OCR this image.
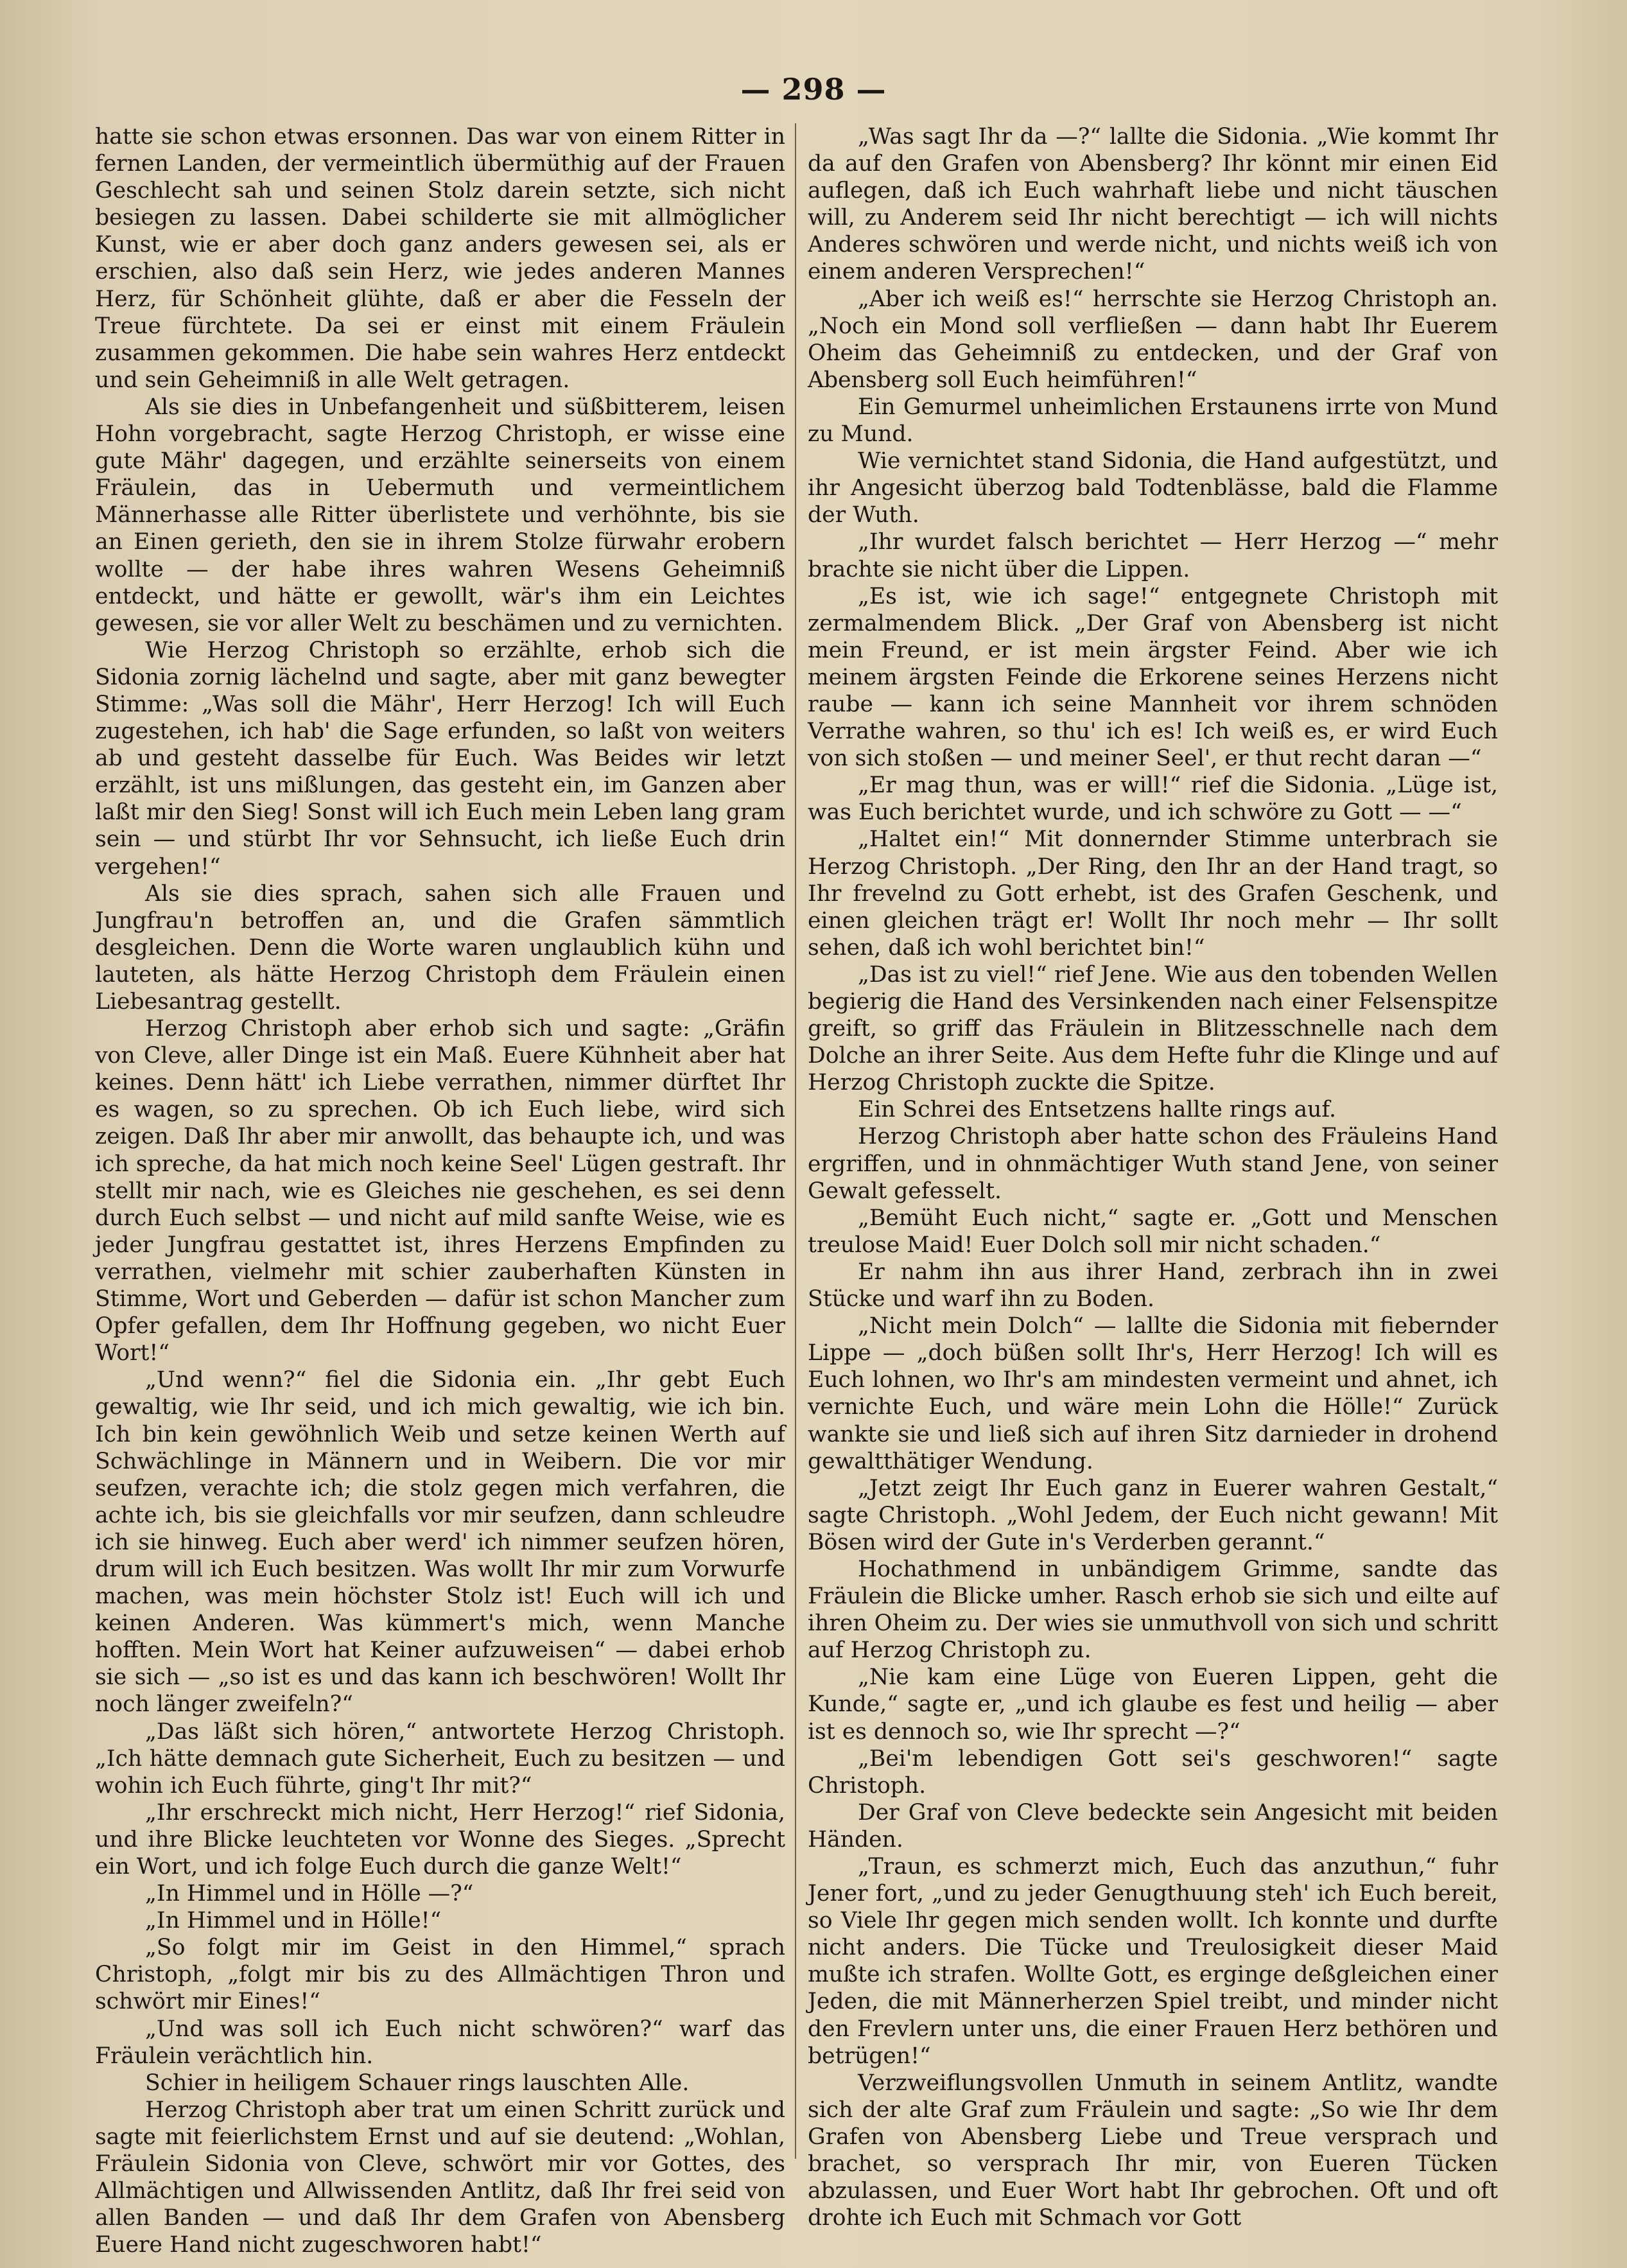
— 298 —

hatte sie schon etwas ersonnen. Das war von einem Ritter in fernen Landen, der vermeintlich übermüthig auf der Frauen Geschlecht sah und seinen Stolz darein setzte, sich nicht besiegen zu lassen. Dabei schilderte sie mit allmöglicher Kunst, wie er aber doch ganz anders gewesen sei, als er erschien, also daß sein Herz, wie jedes anderen Mannes Herz, für Schönheit glühte, daß er aber die Fesseln der Treue fürchtete. Da sei er einst mit einem Fräulein zusammen gekommen. Die habe sein wahres Herz entdeckt und sein Geheimniß in alle Welt getragen.

Als sie dies in Unbefangenheit und süßbitterem, leisen Hohn vorgebracht, sagte Herzog Christoph, er wisse eine gute Mähr' dagegen, und erzählte seinerseits von einem Fräulein, das in Uebermuth und vermeintlichem Männerhasse alle Ritter überlistete und verhöhnte, bis sie an Einen gerieth, den sie in ihrem Stolze fürwahr erobern wollte — der habe ihres wahren Wesens Geheimniß entdeckt, und hätte er gewollt, wär's ihm ein Leichtes gewesen, sie vor aller Welt zu beschämen und zu vernichten.

Wie Herzog Christoph so erzählte, erhob sich die Sidonia zornig lächelnd und sagte, aber mit ganz bewegter Stimme: „Was soll die Mähr', Herr Herzog! Ich will Euch zugestehen, ich hab' die Sage erfunden, so laßt von weiters ab und gesteht dasselbe für Euch. Was Beides wir letzt erzählt, ist uns mißlungen, das gesteht ein, im Ganzen aber laßt mir den Sieg! Sonst will ich Euch mein Leben lang gram sein — und stürbt Ihr vor Sehnsucht, ich ließe Euch drin vergehen!“

Als sie dies sprach, sahen sich alle Frauen und Jungfrau'n betroffen an, und die Grafen sämmtlich desgleichen. Denn die Worte waren unglaublich kühn und lauteten, als hätte Herzog Christoph dem Fräulein einen Liebesantrag gestellt.

Herzog Christoph aber erhob sich und sagte: „Gräfin von Cleve, aller Dinge ist ein Maß. Euere Kühnheit aber hat keines. Denn hätt' ich Liebe verrathen, nimmer dürftet Ihr es wagen, so zu sprechen. Ob ich Euch liebe, wird sich zeigen. Daß Ihr aber mir anwollt, das behaupte ich, und was ich spreche, da hat mich noch keine Seel' Lügen gestraft. Ihr stellt mir nach, wie es Gleiches nie geschehen, es sei denn durch Euch selbst — und nicht auf mild sanfte Weise, wie es jeder Jungfrau gestattet ist, ihres Herzens Empfinden zu verrathen, vielmehr mit schier zauberhaften Künsten in Stimme, Wort und Geberden — dafür ist schon Mancher zum Opfer gefallen, dem Ihr Hoffnung gegeben, wo nicht Euer Wort!“

„Und wenn?“ fiel die Sidonia ein. „Ihr gebt Euch gewaltig, wie Ihr seid, und ich mich gewaltig, wie ich bin. Ich bin kein gewöhnlich Weib und setze keinen Werth auf Schwächlinge in Männern und in Weibern. Die vor mir seufzen, verachte ich; die stolz gegen mich verfahren, die achte ich, bis sie gleichfalls vor mir seufzen, dann schleudre ich sie hinweg. Euch aber werd' ich nimmer seufzen hören, drum will ich Euch besitzen. Was wollt Ihr mir zum Vorwurfe machen, was mein höchster Stolz ist! Euch will ich und keinen Anderen. Was kümmert's mich, wenn Manche hofften. Mein Wort hat Keiner aufzuweisen“ — dabei erhob sie sich — „so ist es und das kann ich beschwören! Wollt Ihr noch länger zweifeln?“

„Das läßt sich hören,“ antwortete Herzog Christoph. „Ich hätte demnach gute Sicherheit, Euch zu besitzen — und wohin ich Euch führte, ging't Ihr mit?“

„Ihr erschreckt mich nicht, Herr Herzog!“ rief Sidonia, und ihre Blicke leuchteten vor Wonne des Sieges. „Sprecht ein Wort, und ich folge Euch durch die ganze Welt!“

„In Himmel und in Hölle —?“

„In Himmel und in Hölle!“

„So folgt mir im Geist in den Himmel,“ sprach Christoph, „folgt mir bis zu des Allmächtigen Thron und schwört mir Eines!“

„Und was soll ich Euch nicht schwören?“ warf das Fräulein verächtlich hin.

Schier in heiligem Schauer rings lauschten Alle.

Herzog Christoph aber trat um einen Schritt zurück und sagte mit feierlichstem Ernst und auf sie deutend: „Wohlan, Fräulein Sidonia von Cleve, schwört mir vor Gottes, des Allmächtigen und Allwissenden Antlitz, daß Ihr frei seid von allen Banden — und daß Ihr dem Grafen von Abensberg Euere Hand nicht zugeschworen habt!“

„Was sagt Ihr da —?“ lallte die Sidonia. „Wie kommt Ihr da auf den Grafen von Abensberg? Ihr könnt mir einen Eid auflegen, daß ich Euch wahrhaft liebe und nicht täuschen will, zu Anderem seid Ihr nicht berechtigt — ich will nichts Anderes schwören und werde nicht, und nichts weiß ich von einem anderen Versprechen!“

„Aber ich weiß es!“ herrschte sie Herzog Christoph an. „Noch ein Mond soll verfließen — dann habt Ihr Euerem Oheim das Geheimniß zu entdecken, und der Graf von Abensberg soll Euch heimführen!“

Ein Gemurmel unheimlichen Erstaunens irrte von Mund zu Mund.

Wie vernichtet stand Sidonia, die Hand aufgestützt, und ihr Angesicht überzog bald Todtenblässe, bald die Flamme der Wuth.

„Ihr wurdet falsch berichtet — Herr Herzog —“ mehr brachte sie nicht über die Lippen.

„Es ist, wie ich sage!“ entgegnete Christoph mit zermalmendem Blick. „Der Graf von Abensberg ist nicht mein Freund, er ist mein ärgster Feind. Aber wie ich meinem ärgsten Feinde die Erkorene seines Herzens nicht raube — kann ich seine Mannheit vor ihrem schnöden Verrathe wahren, so thu' ich es! Ich weiß es, er wird Euch von sich stoßen — und meiner Seel', er thut recht daran —“

„Er mag thun, was er will!“ rief die Sidonia. „Lüge ist, was Euch berichtet wurde, und ich schwöre zu Gott — —“

„Haltet ein!“ Mit donnernder Stimme unterbrach sie Herzog Christoph. „Der Ring, den Ihr an der Hand tragt, so Ihr frevelnd zu Gott erhebt, ist des Grafen Geschenk, und einen gleichen trägt er! Wollt Ihr noch mehr — Ihr sollt sehen, daß ich wohl berichtet bin!“

„Das ist zu viel!“ rief Jene. Wie aus den tobenden Wellen begierig die Hand des Versinkenden nach einer Felsenspitze greift, so griff das Fräulein in Blitzesschnelle nach dem Dolche an ihrer Seite. Aus dem Hefte fuhr die Klinge und auf Herzog Christoph zuckte die Spitze.

Ein Schrei des Entsetzens hallte rings auf.

Herzog Christoph aber hatte schon des Fräuleins Hand ergriffen, und in ohnmächtiger Wuth stand Jene, von seiner Gewalt gefesselt.

„Bemüht Euch nicht,“ sagte er. „Gott und Menschen treulose Maid! Euer Dolch soll mir nicht schaden.“

Er nahm ihn aus ihrer Hand, zerbrach ihn in zwei Stücke und warf ihn zu Boden.

„Nicht mein Dolch“ — lallte die Sidonia mit fiebernder Lippe — „doch büßen sollt Ihr's, Herr Herzog! Ich will es Euch lohnen, wo Ihr's am mindesten vermeint und ahnet, ich vernichte Euch, und wäre mein Lohn die Hölle!“ Zurück wankte sie und ließ sich auf ihren Sitz darnieder in drohend gewaltthätiger Wendung.

„Jetzt zeigt Ihr Euch ganz in Euerer wahren Gestalt,“ sagte Christoph. „Wohl Jedem, der Euch nicht gewann! Mit Bösen wird der Gute in's Verderben gerannt.“

Hochathmend in unbändigem Grimme, sandte das Fräulein die Blicke umher. Rasch erhob sie sich und eilte auf ihren Oheim zu. Der wies sie unmuthvoll von sich und schritt auf Herzog Christoph zu.

„Nie kam eine Lüge von Eueren Lippen, geht die Kunde,“ sagte er, „und ich glaube es fest und heilig — aber ist es dennoch so, wie Ihr sprecht —?“

„Bei'm lebendigen Gott sei's geschworen!“ sagte Christoph.

Der Graf von Cleve bedeckte sein Angesicht mit beiden Händen.

„Traun, es schmerzt mich, Euch das anzuthun,“ fuhr Jener fort, „und zu jeder Genugthuung steh' ich Euch bereit, so Viele Ihr gegen mich senden wollt. Ich konnte und durfte nicht anders. Die Tücke und Treulosigkeit dieser Maid mußte ich strafen. Wollte Gott, es erginge deßgleichen einer Jeden, die mit Männerherzen Spiel treibt, und minder nicht den Frevlern unter uns, die einer Frauen Herz bethören und betrügen!“

Verzweiflungsvollen Unmuth in seinem Antlitz, wandte sich der alte Graf zum Fräulein und sagte: „So wie Ihr dem Grafen von Abensberg Liebe und Treue versprach und brachet, so versprach Ihr mir, von Eueren Tücken abzulassen, und Euer Wort habt Ihr gebrochen. Oft und oft drohte ich Euch mit Schmach vor Gott
